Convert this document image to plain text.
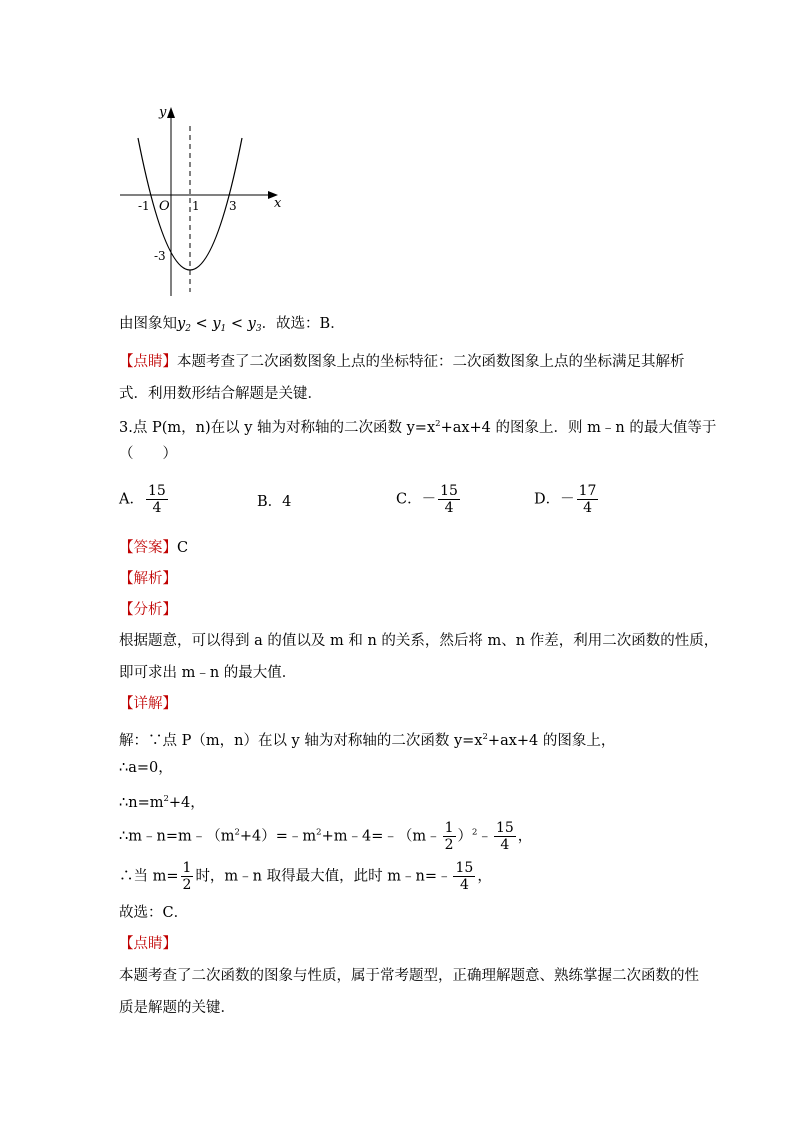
y
x
O
-1	1 3
-3
由图象知$y_2 < y_1 < y_3$．故选：B．
【点睛】本题考查了二次函数图象上点的坐标特征：二次函数图象上点的坐标满足其解析
式．利用数形结合解题是关键．
3.点 P(m，n)在以 y 轴为对称轴的二次函数 $y=x^2+ax+4$ 的图象上．则 m﹣n 的最大值等于
（　　）
A． $\frac{15}{4}$	B．4	C．－ $\frac{15}{4}$	D．－ $\frac{17}{4}$
【答案】C
【解析】
【分析】
根据题意，可以得到 a 的值以及 m 和 n 的关系，然后将 m、n 作差，利用二次函数的性质，
即可求出 m﹣n 的最大值．
【详解】
解：∵点 P（m，n）在以 y 轴为对称轴的二次函数 $y=x^2+ax+4$ 的图象上，
∴a=0，
$\therefore n=m^2+4$，
$\therefore m﹣n=m﹣(m^2+4)=﹣m^2+m﹣4=﹣(m﹣ \frac{1}{2}$ ）$^2$﹣ $\frac{15}{4}$ ，
∴当 $m= \frac{1}{2}$ 时，m﹣n 取得最大值，此时 m﹣n=﹣ $\frac{15}{4}$ ，
故选：C．
【点睛】
本题考查了二次函数的图象与性质，属于常考题型，正确理解题意、熟练掌握二次函数的性
质是解题的关键．
